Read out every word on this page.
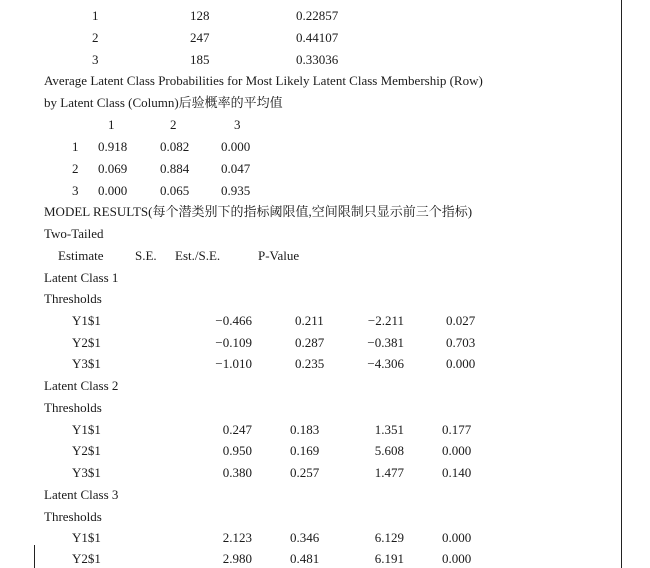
1	128	0.22857
2	247	0.44107
3	185	0.33036
Average Latent Class Probabilities for Most Likely Latent Class Membership (Row)
by Latent Class (Column)后验概率的平均值
1	2	3
1 0.918	0.082 0.000
2 0.069	0.884 0.047
3 0.000	0.065 0.935
MODEL RESULTS(每个潜类别下的指标阈限值,空间限制只显示前三个指标)
Two-Tailed
Estimate S.E. Est./S.E.	P-Value
Latent Class 1
Thresholds
Y1$1	−0.466	0.211	−2.211	0.027
Y2$1	−0.109	0.287	−0.381	0.703
Y3$1	−1.010	0.235	−4.306	0.000
Latent Class 2
Thresholds
Y1$1	0.247	0.183	1.351	0.177
Y2$1	0.950	0.169	5.608	0.000
Y3$1	0.380	0.257	1.477	0.140
Latent Class 3
Thresholds
Y1$1	2.123	0.346	6.129	0.000
Y2$1	2.980	0.481	6.191	0.000
